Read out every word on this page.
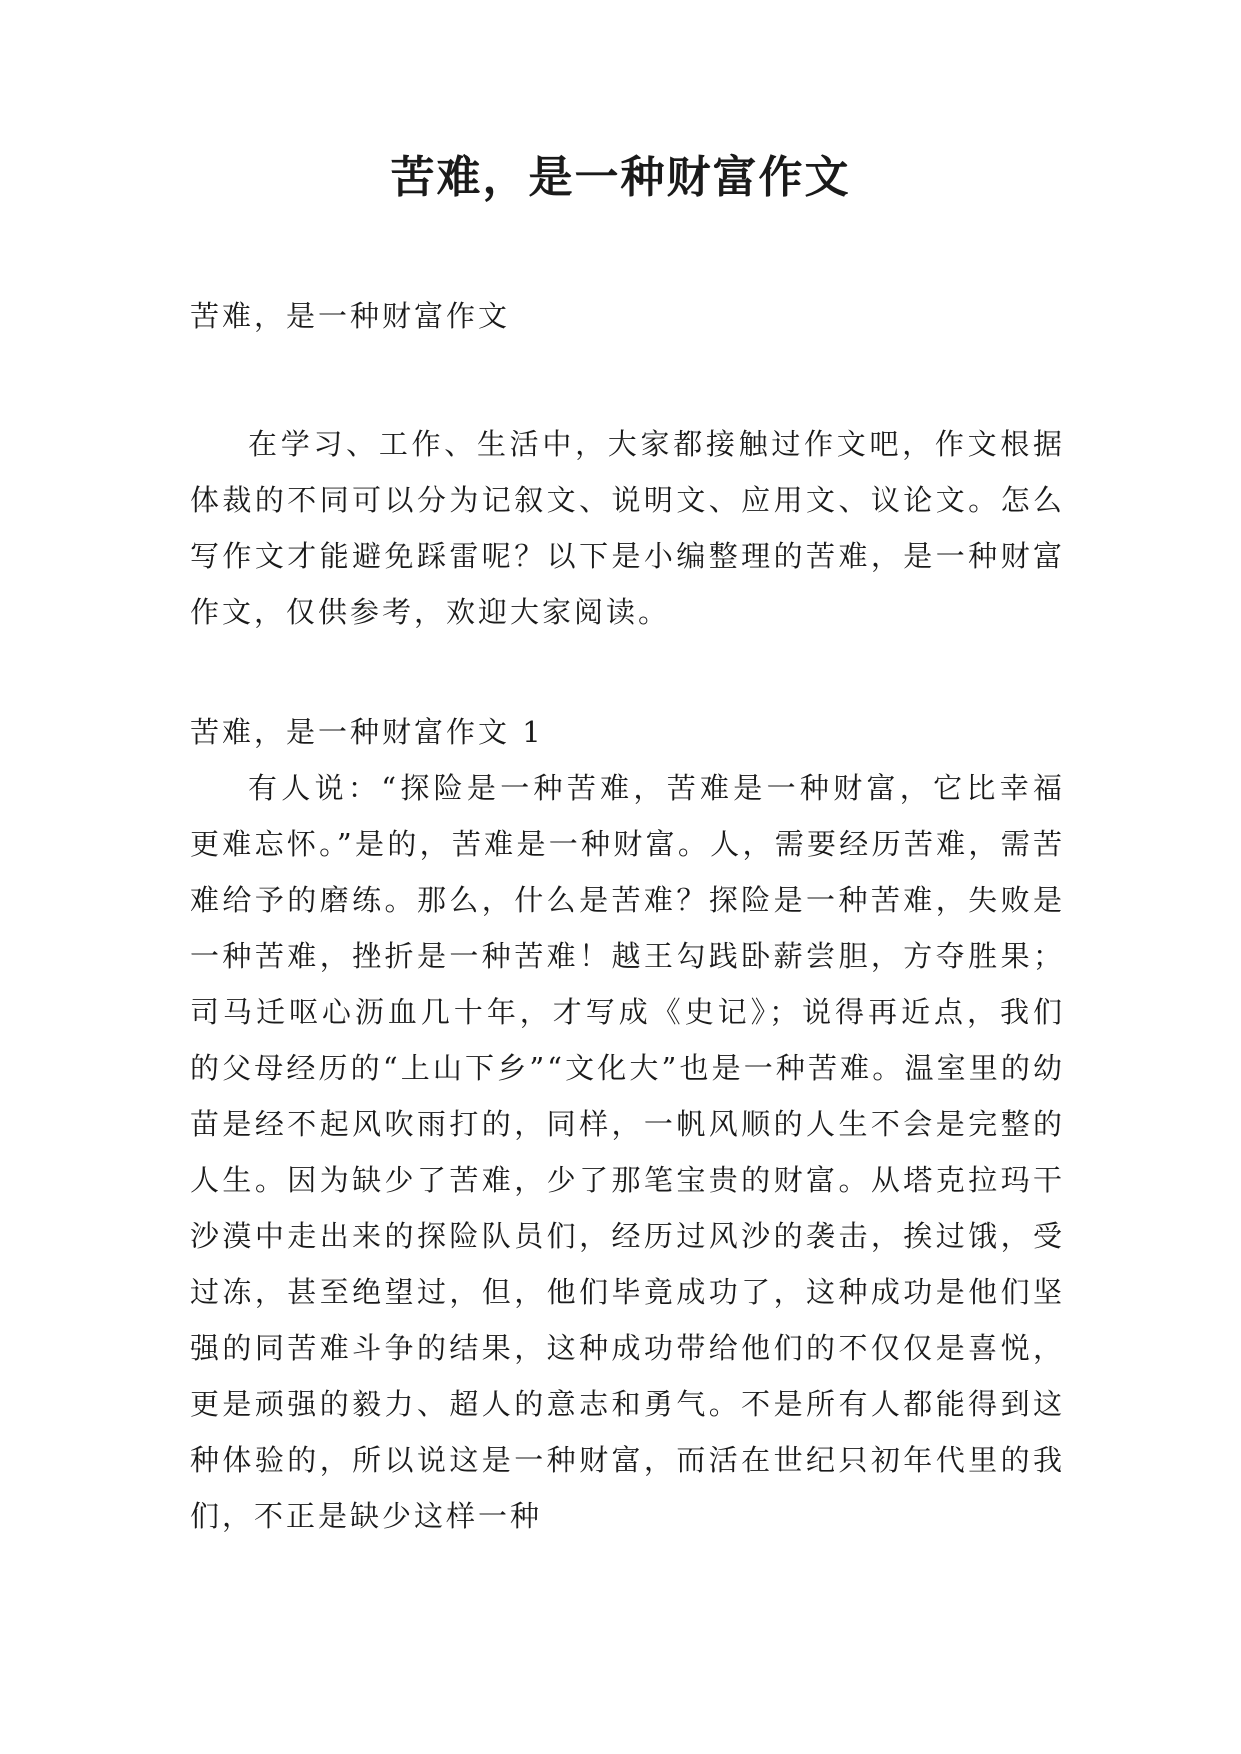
苦难，是一种财富作文

苦难，是一种财富作文

在学习、工作、生活中，大家都接触过作文吧，作文根据体裁的不同可以分为记叙文、说明文、应用文、议论文。怎么写作文才能避免踩雷呢？以下是小编整理的苦难，是一种财富作文，仅供参考，欢迎大家阅读。

苦难，是一种财富作文 1

有人说：“探险是一种苦难，苦难是一种财富，它比幸福更难忘怀。”是的，苦难是一种财富。人，需要经历苦难，需苦难给予的磨练。那么，什么是苦难？探险是一种苦难，失败是一种苦难，挫折是一种苦难！越王勾践卧薪尝胆，方夺胜果；司马迁呕心沥血几十年，才写成《史记》；说得再近点，我们的父母经历的“上山下乡”“文化大”也是一种苦难。温室里的幼苗是经不起风吹雨打的，同样，一帆风顺的人生不会是完整的人生。因为缺少了苦难，少了那笔宝贵的财富。从塔克拉玛干沙漠中走出来的探险队员们，经历过风沙的袭击，挨过饿，受过冻，甚至绝望过，但，他们毕竟成功了，这种成功是他们坚强的同苦难斗争的结果，这种成功带给他们的不仅仅是喜悦，更是顽强的毅力、超人的意志和勇气。不是所有人都能得到这种体验的，所以说这是一种财富，而活在世纪只初年代里的我们，不正是缺少这样一种
